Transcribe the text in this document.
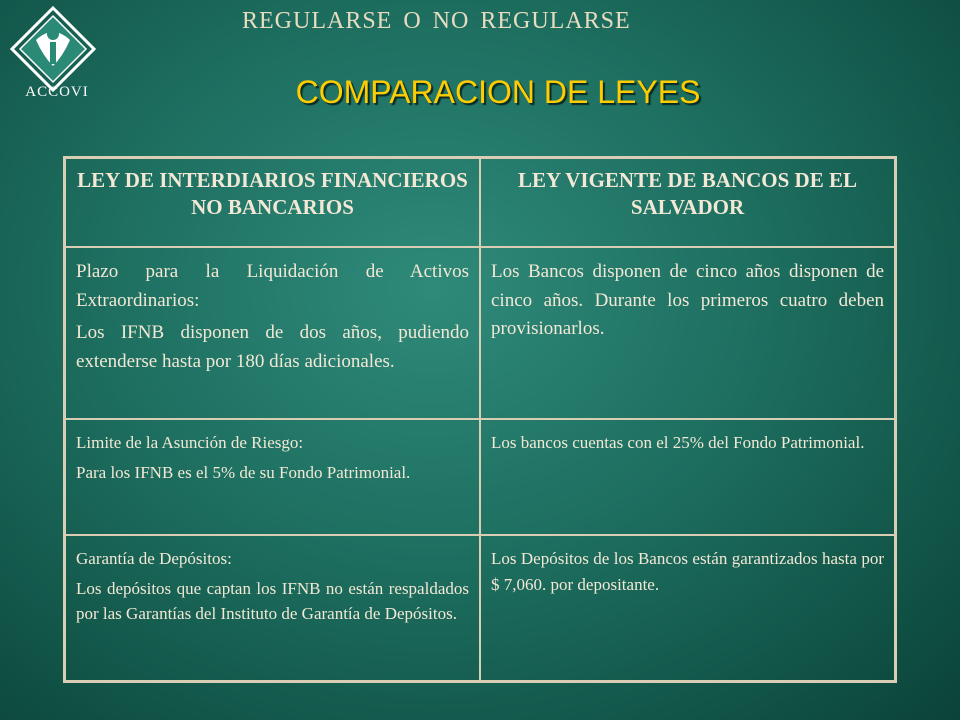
ACCOVI
REGULARSE O NO REGULARSE
COMPARACION DE LEYES
LEY DE INTERDIARIOS FINANCIEROS NO BANCARIOS	LEY VIGENTE DE BANCOS DE EL SALVADOR

Plazo para la Liquidación de Activos Extraordinarios:

Los IFNB disponen de dos años, pudiendo extenderse hasta por 180 días adicionales.	Los Bancos disponen de cinco años disponen de cinco años. Durante los primeros cuatro deben provisionarlos.

Limite de la Asunción de Riesgo:

Para los IFNB es el 5% de su Fondo Patrimonial.	Los bancos cuentas con el 25% del Fondo Patrimonial.

Garantía de Depósitos:

Los depósitos que captan los IFNB no están respaldados por las Garantías del Instituto de Garantía de Depósitos.	Los Depósitos de los Bancos están garantizados hasta por $ 7,060. por depositante.
